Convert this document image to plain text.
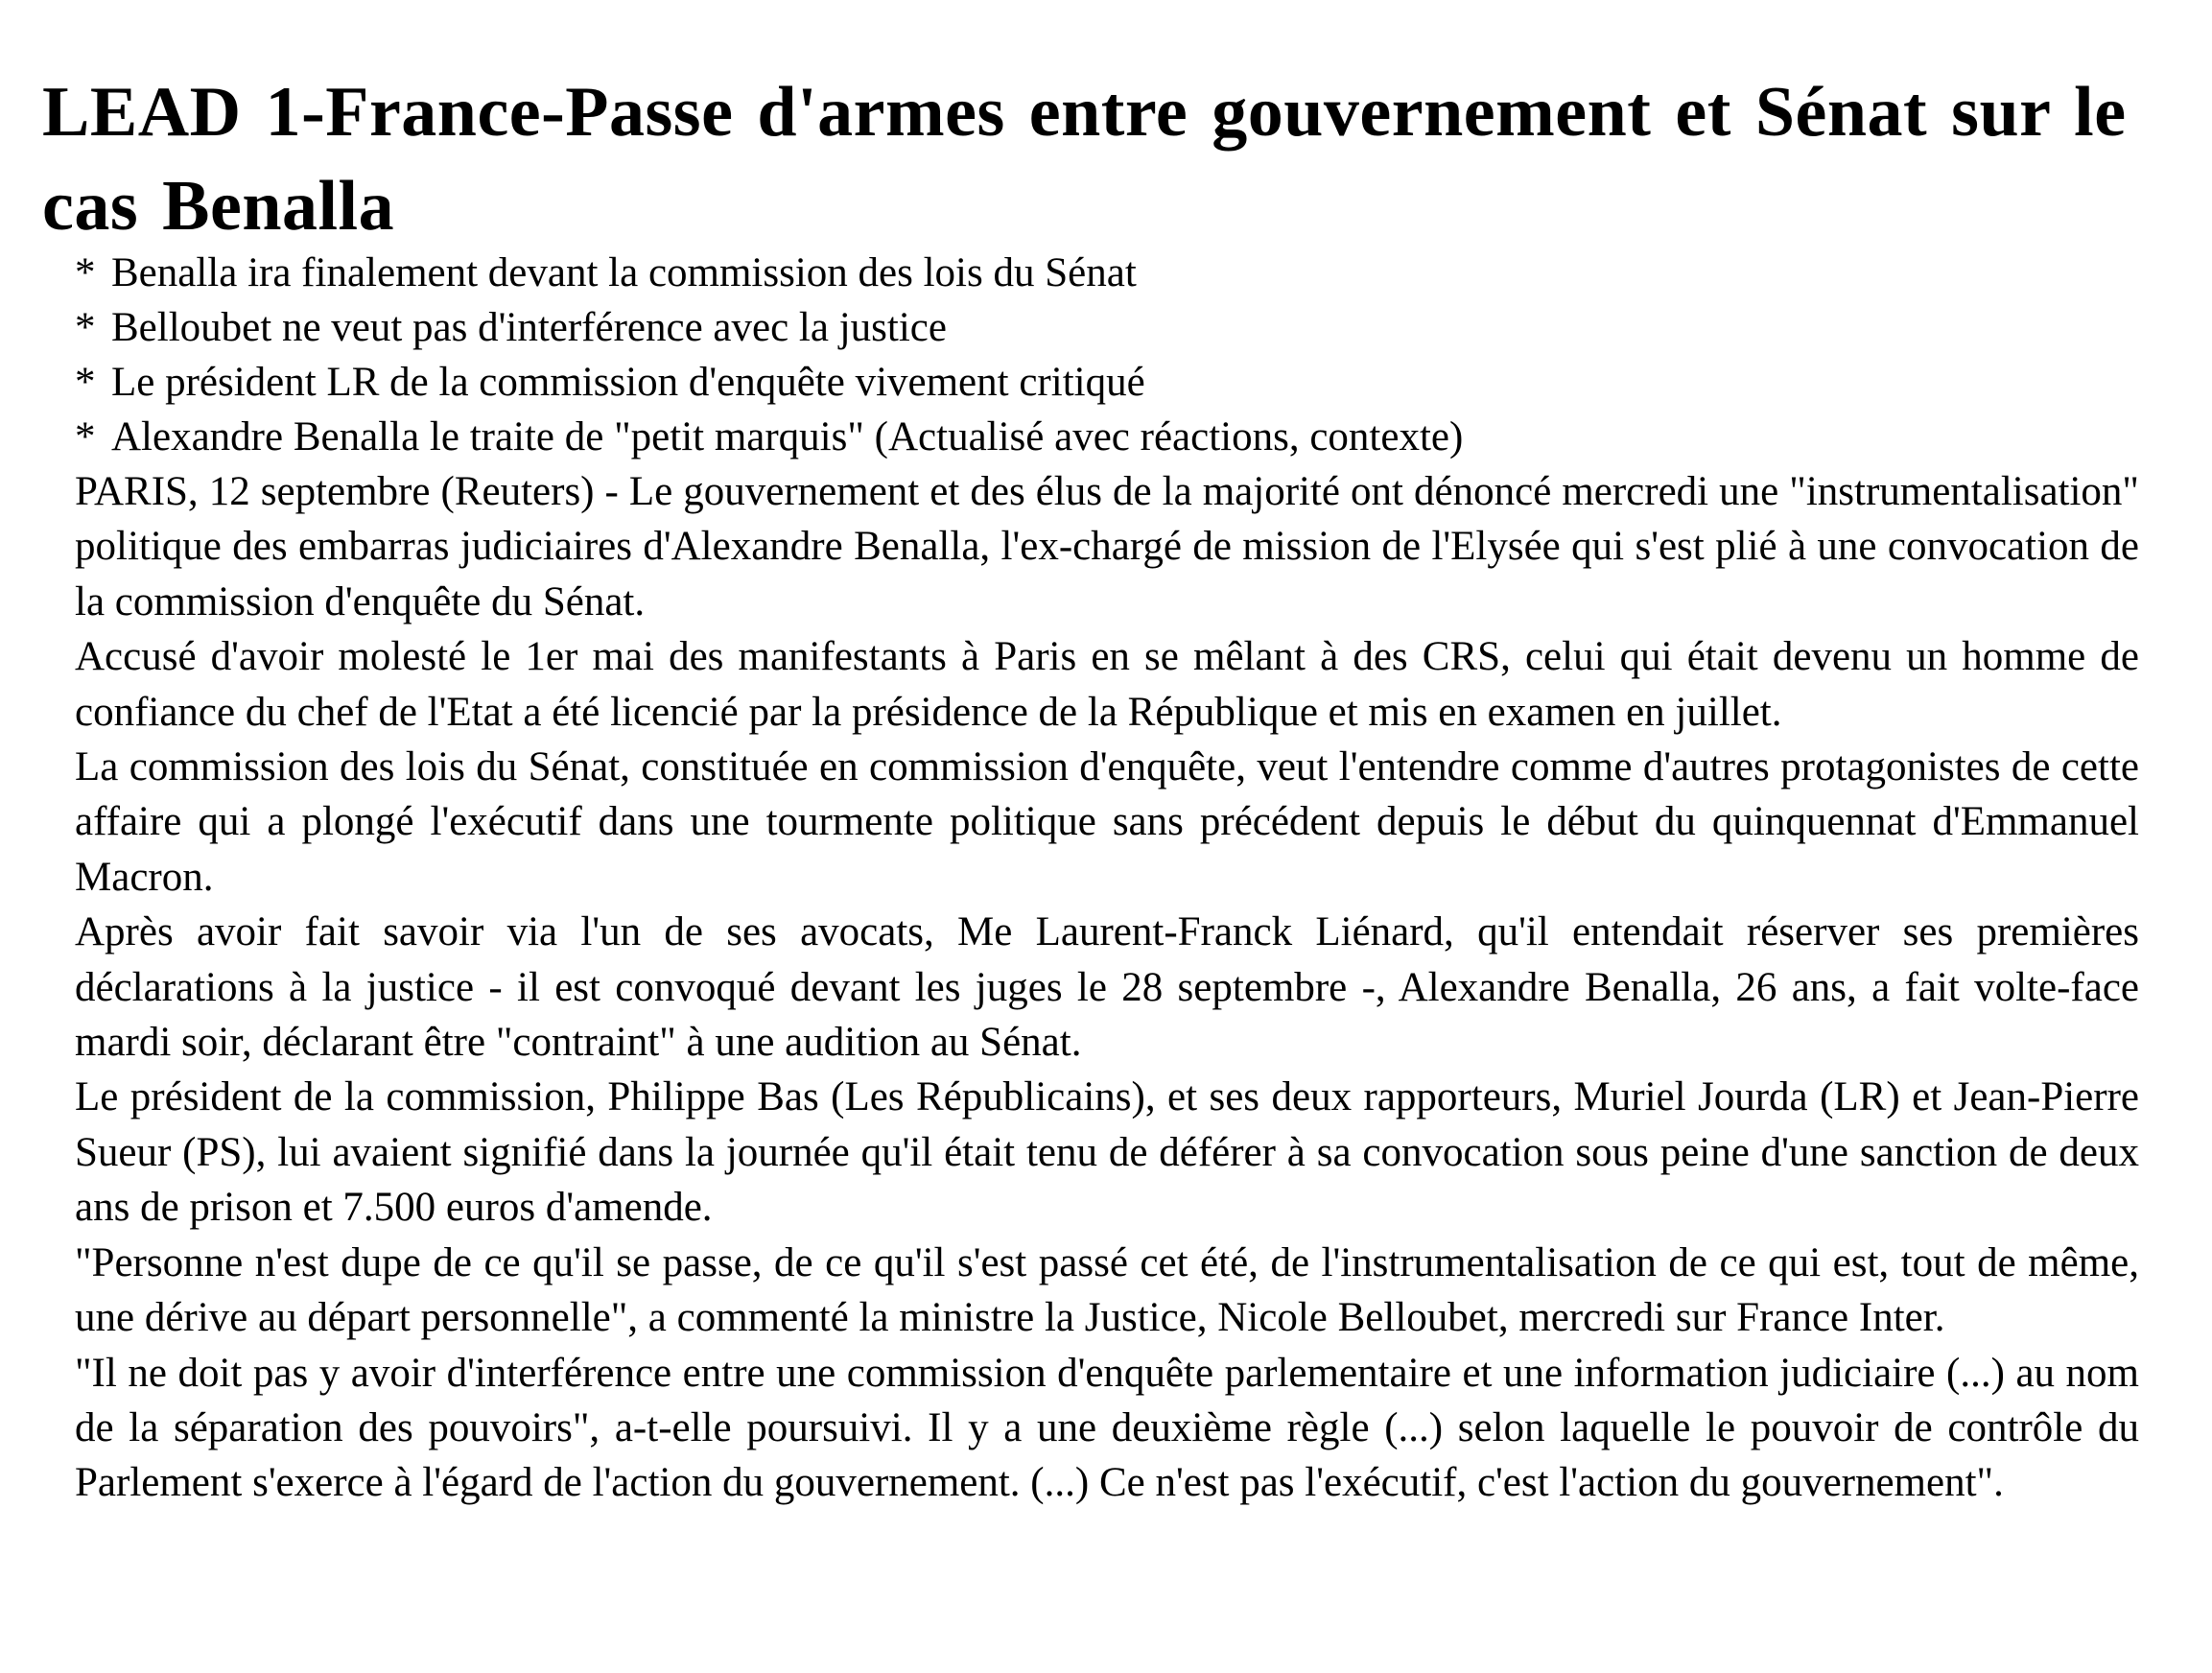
LEAD 1-France-Passe d'armes entre gouvernement et Sénat sur le cas Benalla
* Benalla ira finalement devant la commission des lois du Sénat
* Belloubet ne veut pas d'interférence avec la justice
* Le président LR de la commission d'enquête vivement critiqué
* Alexandre Benalla le traite de "petit marquis" (Actualisé avec réactions, contexte)

PARIS, 12 septembre (Reuters) - Le gouvernement et des élus de la majorité ont dénoncé mercredi une "instrumentalisation" politique des embarras judiciaires d'Alexandre Benalla, l'ex-chargé de mission de l'Elysée qui s'est plié à une convocation de la commission d'enquête du Sénat.

Accusé d'avoir molesté le 1er mai des manifestants à Paris en se mêlant à des CRS, celui qui était devenu un homme de confiance du chef de l'Etat a été licencié par la présidence de la République et mis en examen en juillet.

La commission des lois du Sénat, constituée en commission d'enquête, veut l'entendre comme d'autres protagonistes de cette affaire qui a plongé l'exécutif dans une tourmente politique sans précédent depuis le début du quinquennat d'Emmanuel Macron.

Après avoir fait savoir via l'un de ses avocats, Me Laurent-Franck Liénard, qu'il entendait réserver ses premières déclarations à la justice - il est convoqué devant les juges le 28 septembre -, Alexandre Benalla, 26 ans, a fait volte-face mardi soir, déclarant être "contraint" à une audition au Sénat.

Le président de la commission, Philippe Bas (Les Républicains), et ses deux rapporteurs, Muriel Jourda (LR) et Jean-Pierre Sueur (PS), lui avaient signifié dans la journée qu'il était tenu de déférer à sa convocation sous peine d'une sanction de deux ans de prison et 7.500 euros d'amende.

"Personne n'est dupe de ce qu'il se passe, de ce qu'il s'est passé cet été, de l'instrumentalisation de ce qui est, tout de même, une dérive au départ personnelle", a commenté la ministre la Justice, Nicole Belloubet, mercredi sur France Inter.

"Il ne doit pas y avoir d'interférence entre une commission d'enquête parlementaire et une information judiciaire (...) au nom de la séparation des pouvoirs", a-t-elle poursuivi. Il y a une deuxième règle (...) selon laquelle le pouvoir de contrôle du Parlement s'exerce à l'égard de l'action du gouvernement. (...) Ce n'est pas l'exécutif, c'est l'action du gouvernement".
